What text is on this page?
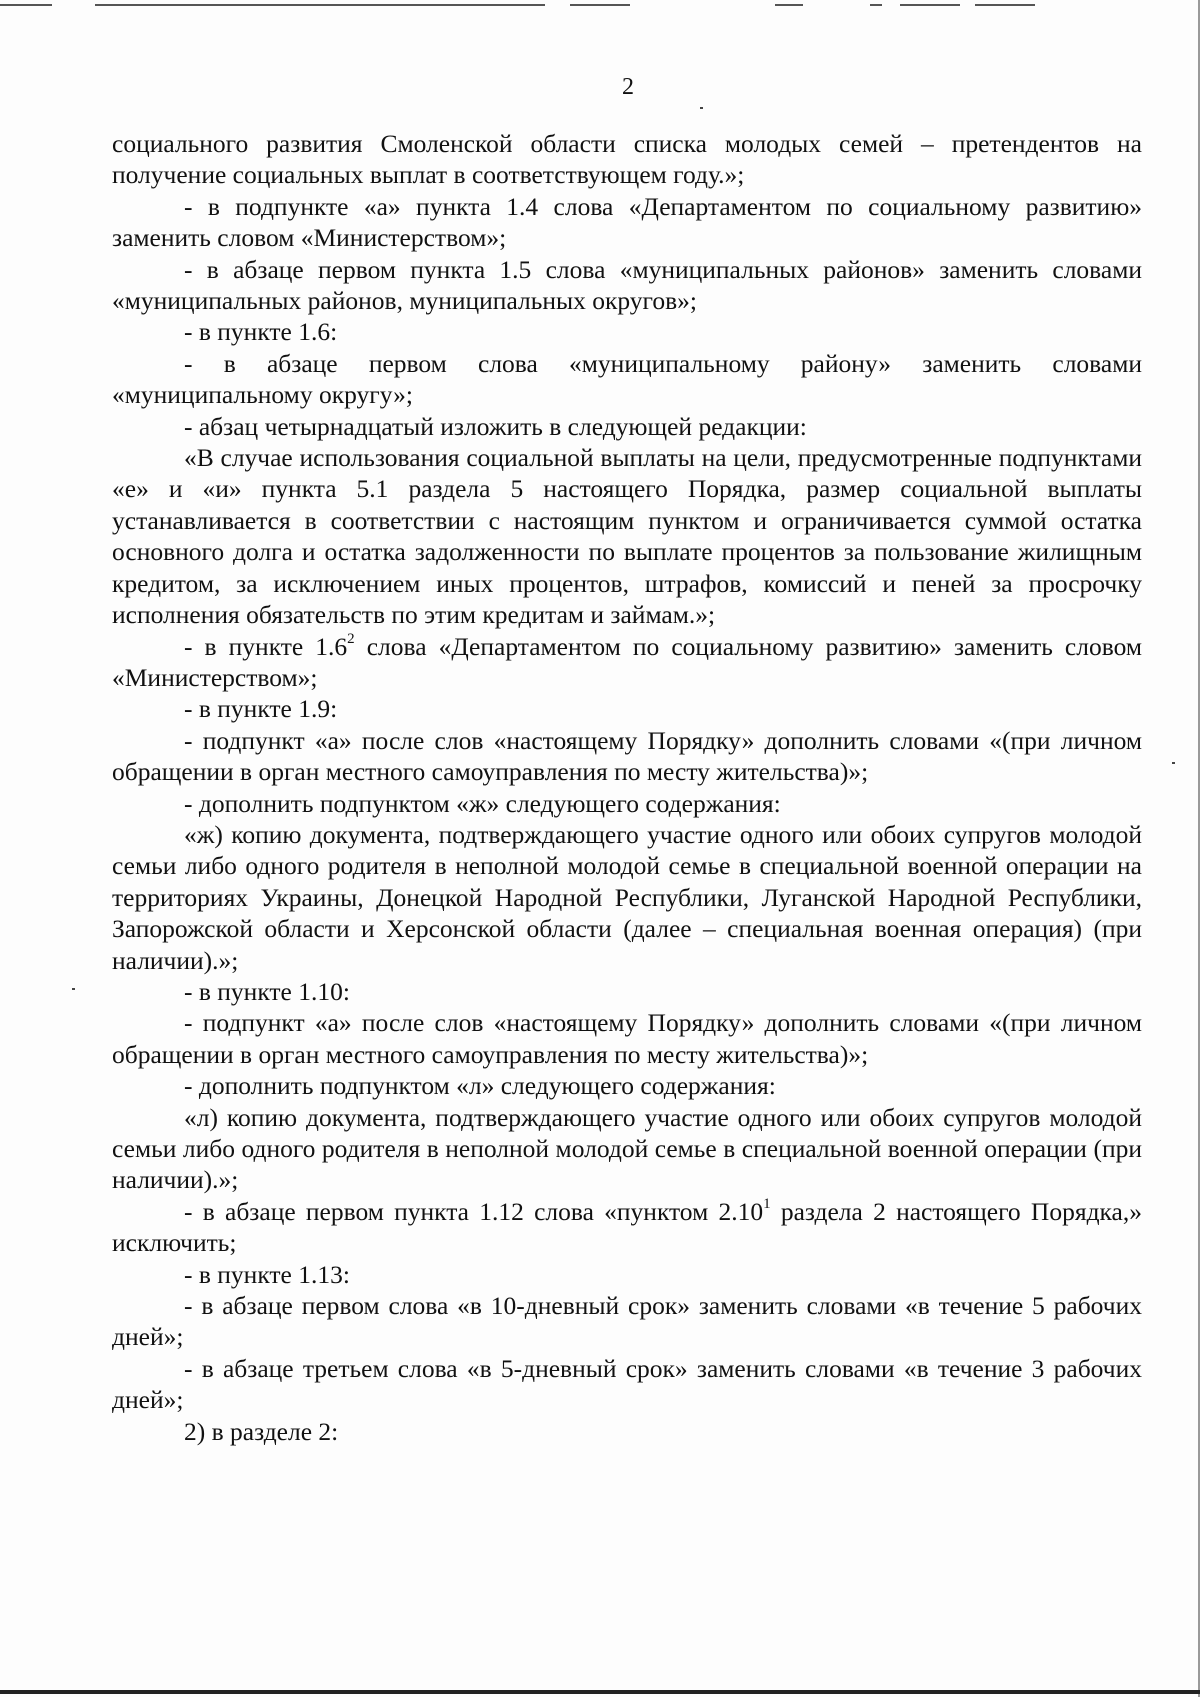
2

социального развития Смоленской области списка молодых семей – претендентов на получение социальных выплат в соответствующем году.»;

- в подпункте «а» пункта 1.4 слова «Департаментом по социальному развитию» заменить словом «Министерством»;

- в абзаце первом пункта 1.5 слова «муниципальных районов» заменить словами «муниципальных районов, муниципальных округов»;

- в пункте 1.6:

- в абзаце первом слова «муниципальному району» заменить словами «муниципальному округу»;

- абзац четырнадцатый изложить в следующей редакции:

«В случае использования социальной выплаты на цели, предусмотренные подпунктами «е» и «и» пункта 5.1 раздела 5 настоящего Порядка, размер социальной выплаты устанавливается в соответствии с настоящим пунктом и ограничивается суммой остатка основного долга и остатка задолженности по выплате процентов за пользование жилищным кредитом, за исключением иных процентов, штрафов, комиссий и пеней за просрочку исполнения обязательств по этим кредитам и займам.»;

- в пункте $1.6^2$ слова «Департаментом по социальному развитию» заменить словом «Министерством»;

- в пункте 1.9:

- подпункт «а» после слов «настоящему Порядку» дополнить словами «(при личном обращении в орган местного самоуправления по месту жительства)»;

- дополнить подпунктом «ж» следующего содержания:

«ж) копию документа, подтверждающего участие одного или обоих супругов молодой семьи либо одного родителя в неполной молодой семье в специальной военной операции на территориях Украины, Донецкой Народной Республики, Луганской Народной Республики, Запорожской области и Херсонской области (далее – специальная военная операция) (при наличии).»;

- в пункте 1.10:

- подпункт «а» после слов «настоящему Порядку» дополнить словами «(при личном обращении в орган местного самоуправления по месту жительства)»;

- дополнить подпунктом «л» следующего содержания:

«л) копию документа, подтверждающего участие одного или обоих супругов молодой семьи либо одного родителя в неполной молодой семье в специальной военной операции (при наличии).»;

- в абзаце первом пункта 1.12 слова «пунктом 2.10$^1$ раздела 2 настоящего Порядка,» исключить;

- в пункте 1.13:

- в абзаце первом слова «в 10-дневный срок» заменить словами «в течение 5 рабочих дней»;

- в абзаце третьем слова «в 5-дневный срок» заменить словами «в течение 3 рабочих дней»;

2) в разделе 2:
